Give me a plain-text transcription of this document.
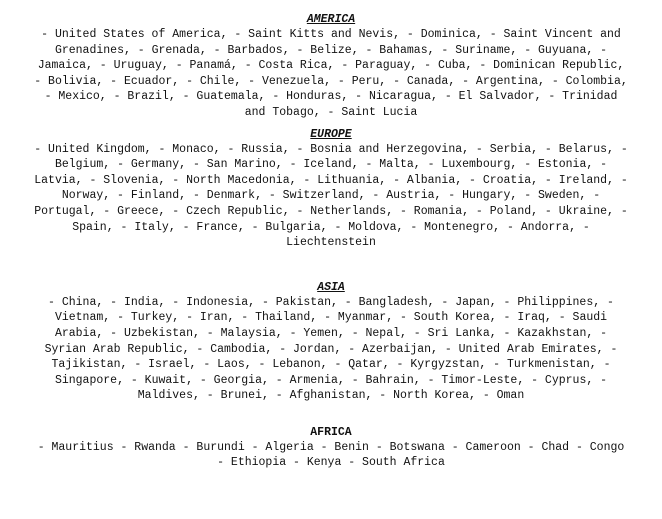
AMERICA

- United States of America, - Saint Kitts and Nevis, - Dominica, - Saint Vincent and Grenadines, - Grenada, - Barbados, - Belize, - Bahamas, - Suriname, - Guyuana, - Jamaica, - Uruguay, - Panamá, - Costa Rica, - Paraguay, - Cuba, - Dominican Republic, - Bolivia, - Ecuador, - Chile, - Venezuela, - Peru, - Canada, - Argentina, - Colombia, - Mexico, - Brazil, - Guatemala, - Honduras, - Nicaragua, - El Salvador, - Trinidad and Tobago, - Saint Lucia

EUROPE

- United Kingdom, - Monaco, - Russia, - Bosnia and Herzegovina, - Serbia, - Belarus, - Belgium, - Germany, - San Marino, - Iceland, - Malta, - Luxembourg, - Estonia, - Latvia, - Slovenia, - North Macedonia, - Lithuania, - Albania, - Croatia, - Ireland, - Norway, - Finland, - Denmark, - Switzerland, - Austria, - Hungary, - Sweden, - Portugal, - Greece, - Czech Republic, - Netherlands, - Romania, - Poland, - Ukraine, - Spain, - Italy, - France, - Bulgaria, - Moldova, - Montenegro, - Andorra, - Liechtenstein

ASIA

- China, - India, - Indonesia, - Pakistan, - Bangladesh, - Japan, - Philippines, - Vietnam, - Turkey, - Iran, - Thailand, - Myanmar, - South Korea, - Iraq, - Saudi Arabia, - Uzbekistan, - Malaysia, - Yemen, - Nepal, - Sri Lanka, - Kazakhstan, - Syrian Arab Republic, - Cambodia, - Jordan, - Azerbaijan, - United Arab Emirates, - Tajikistan, - Israel, - Laos, - Lebanon, - Qatar, - Kyrgyzstan, - Turkmenistan, - Singapore, - Kuwait, - Georgia, - Armenia, - Bahrain, - Timor-Leste, - Cyprus, - Maldives, - Brunei, - Afghanistan, - North Korea, - Oman

AFRICA

- Mauritius - Rwanda - Burundi - Algeria - Benin - Botswana - Cameroon - Chad - Congo - Ethiopia - Kenya - South Africa
